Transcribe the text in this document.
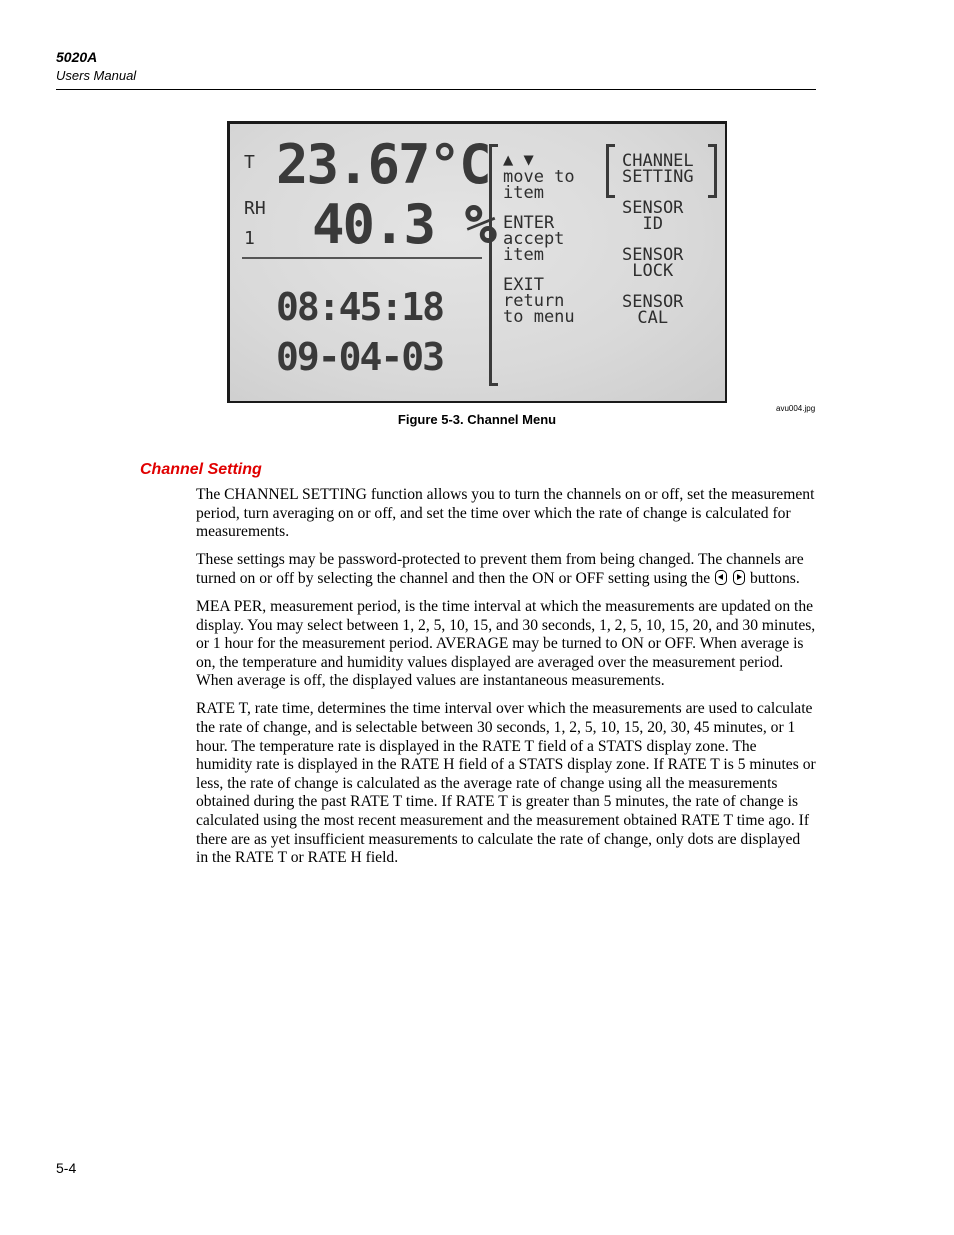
5020A
Users Manual
T 23.67°C
RH
1 40.3 %
08:45:18
09-04-03
▲ ▼
move to
item
ENTER
accept
item
EXIT
return
to menu
CHANNEL
SETTING
SENSOR
ID
SENSOR
LOCK
SENSOR
CAL
avu004.jpg
Figure 5-3. Channel Menu
Channel Setting

The CHANNEL SETTING function allows you to turn the channels on or off, set the measurement period, turn averaging on or off, and set the time over which the rate of change is calculated for measurements.

These settings may be password-protected to prevent them from being changed. The channels are turned on or off by selecting the channel and then the ON or OFF setting using the	buttons.

MEA PER, measurement period, is the time interval at which the measurements are updated on the display. You may select between 1, 2, 5, 10, 15, and 30 seconds, 1, 2, 5, 10, 15, 20, and 30 minutes, or 1 hour for the measurement period. AVERAGE may be turned to ON or OFF. When average is on, the temperature and humidity values displayed are averaged over the measurement period. When average is off, the displayed values are instantaneous measurements.

RATE T, rate time, determines the time interval over which the measurements are used to calculate the rate of change, and is selectable between 30 seconds, 1, 2, 5, 10, 15, 20, 30, 45 minutes, or 1 hour. The temperature rate is displayed in the RATE T field of a STATS display zone. The humidity rate is displayed in the RATE H field of a STATS display zone. If RATE T is 5 minutes or less, the rate of change is calculated as the average rate of change using all the measurements obtained during the past RATE T time. If RATE T is greater than 5 minutes, the rate of change is calculated using the most recent measurement and the measurement obtained RATE T time ago. If there are as yet insufficient measurements to calculate the rate of change, only dots are displayed in the RATE T or RATE H field.

5-4
